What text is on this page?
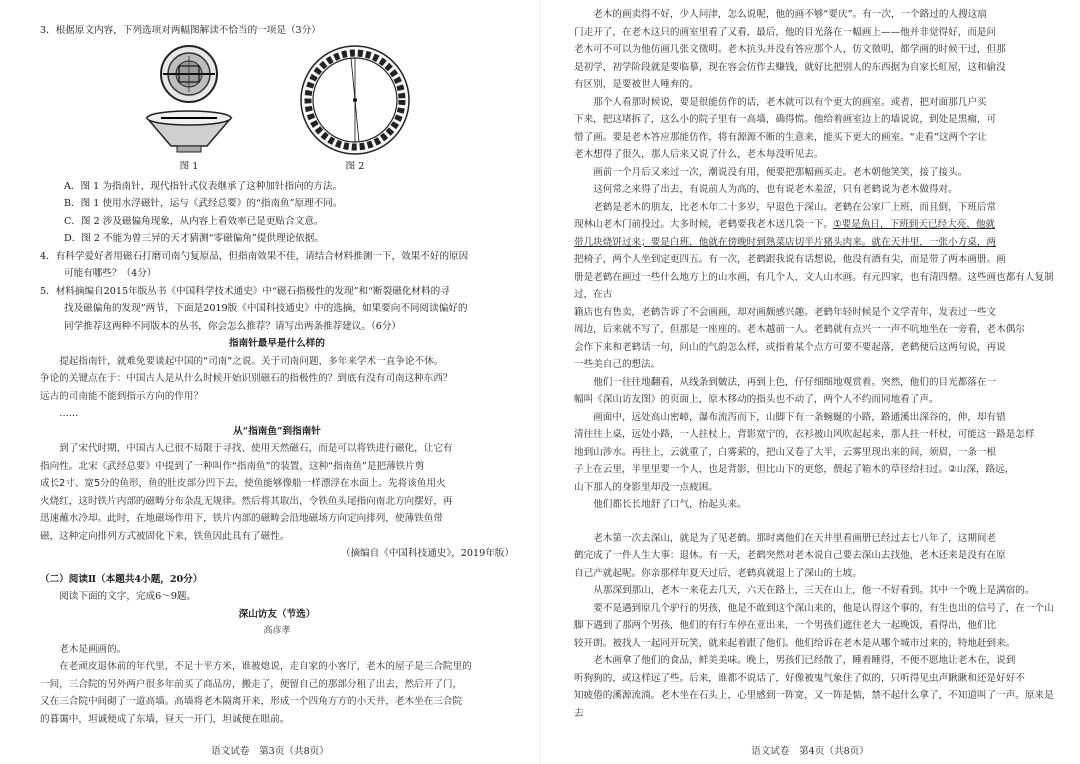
3．根据原文内容，下列选项对两幅图解读不恰当的一项是（3分）

图 1	图 2

A．图 1 为指南针，现代指针式仪表继承了这种加针指向的方法。

B．图 1 使用水浮磁针，运与《武经总要》的“指南鱼”原理不同。

C．图 2 涉及磁偏角现象，从内容上看效率已是更贴合文意。

D．图 2 不能为曾三异的天才猜测“零磁偏角”提供理论依据。

4．有科学爱好者用磁石打磨司南勺复原品，但指南效果不佳，请结合材料推测一下，效果不好的原因

可能有哪些？（4分）

5．材料摘编自2015年版丛书《中国科学技术通史》中“磁石指极性的发现”和“断裂磁化材料的寻

找及磁偏角的发现”两节，下面是2019版《中国科技通史》中的选摘，如果要向不同阅读偏好的

同学推荐这两种不同版本的丛书，你会怎么推荐？请写出两条推荐建议。（6分）

指南针最早是什么样的

提起指南针，就难免要谈起中国的“司南”之说。关于司南问题，多年来学术一直争论不休。

争论的关键点在于：中国古人是从什么时候开始识别磁石的指极性的？到底有没有司南这种东西？

远古的司南能不能到指示方向的作用？

……

从“指南鱼”到指南针

到了宋代时期，中国古人已很不局限于寻找、使用天然磁石，而是可以将铁进行磁化，让它有

指向性。北宋《武经总要》中提到了一种叫作“指南鱼”的装置，这种“指南鱼”是把薄铁片剪

成长2寸、宽5分的鱼形，鱼的肚皮部分凹下去，使鱼能够像船一样漂浮在水面上。先将该鱼用火

火烧红，这时铁片内部的磁畴分布杂乱无规律。然后将其取出，令铁鱼头尾指向南北方向摆好，再

迅速蘸水冷却。此时，在地磁场作用下，铁片内部的磁畴会沿地磁场方向定向排列，使薄铁鱼带

磁，这种定向排列方式被固化下来，铁鱼因此具有了磁性。

（摘编自《中国科技通史》，2019年版）

（二）阅读Ⅱ（本题共4小题，20分）

阅读下面的文字，完成6～9题。

深山访友（节选）

高彦孝

老木是画画的。

在老顽皮退休前的年代里，不足十平方米，谁被熄说，走自家的小客厅，老木的屋子是三合院里的

一间，三合院的另外两户很多年前买了商品房，搬走了，便留自己的那部分租了出去，然后开了门，

又在三合院中间砌了一道高墙。高墙将老木隔离开来，形成一个四角方方的小天井，老木坐在三合院

的暮霭中，坦诚便成了东墙，昼天一开门，坦诚便在眼前。

语文试卷　第3页（共8页）

老木的画卖得不好，少人问津，怎么说呢，他的画不够“要庆”。有一次，一个路过的人搜这扇

门走开了，在老木这只的画室里看了又看，最后，他的目光落在一幅画上——他并非觉得好，而是问

老木可不可以为他仿画几张文徵明。老木抗头并没有答应那个人，仿文徵明，都学画的时候干过，但那

是初学，初学阶段就是要临摹，现在容会仿作去赚钱，就好比把别人的东西据为自家长虹屋，这和偷没

有区别，是要被世人唾弃的。

那个人看那时候说，要是很能仿作的话，老木就可以有个更大的画室。或者，把对面那几户买

下来，把这堵拆了，这么小的院子里有一高墙，确得慌。他给着画室边上的墙说说，到处是黑瘤，可

惜了画。要是老木答应那能仿作，将有源源不断的生意来，能买下更大的画室。“走看”这两个字让

老木想得了很久，那人后来又说了什么，老木每没听见去。

画前一个月后又来过一次，潮说没有用，便要把那幅画买走。老木朝他笑笑，接了接头。

这何常之来得了出去，有说前人为高的，也有说老木羞涩，只有老鹤说为老木做得对。

老鹤是老木的朋友，比老木年二十多岁，早退色于深山。老鹤在公家厂上班，而且倒，下班后常

现林山老木门前投过。大多时候，老鹤要我老木送几袋一下。①要是魚日，下班到天已经大亮，他就

带几块烧饼过来；要是白班，他就在傍晚时到熟菜店切半片猪头肉来。就在天井里，一张小方桌，两

把椅子，两个人坐到定更四五。有一次，老鹤跟我说有话想说，他没有酒有尖，而是带了两本画册。画

册是老鹤在画过一些什么地方上的山水画，有几个人，文人山水画。有元四家，也有清四僧。这些画也都有人复制过，在古

籍店也有售卖，老鹤告诉了不会画画，却对画颇感兴趣。老鹤年轻时候是个文学青年，发表过一些文

周边，后来就不写了，但那是一座座的。老木越前一人。老鹤就有点兴一一声不吭地坐在一旁看，老木偶尔

会作下来和老鹤话一句，问山的气韵怎么样，或指着某个点方可要不要起落，老鹤便后这两句说，再说

一些美自己的想法。

他们一往往地翻看，从线条到皴法，再到上色，仔仔细细地观赏着。突然，他们的目光都落在一

幅叫《深山访友图》的页面上，原木移动的指头也不动了，两个人不约而同地看了声。

画面中，远处高山密嶂，瀑布流泻而下，山脚下有一条蜿蜒的小路，路通溪出深谷的，伸，却有错

清往往上桌，远处小路，一人拄杖上，背影宽宁的，衣衫被山风吹起起来，那人拄一杆杖，可能这一路是怎样

地到山涉水。再往上，云就重了，白雾萦的，把山又卷了大半，云雾里现出来的间，须眉，一条一根

子上在云里，半里里要一个人，也是背影，但比山下的更悠，偎起了箱木的草径给扫过。②山深，路远，

山下那人的身影里却没一点疲困。

他们都长长地舒了口气，抬起头来。

老木第一次去深山，就是为了见老鹤。那时离他们在天井里看画册已经过去七八年了，这期间老

鹤完成了一件人生大事：退休。有一天，老鹤突然对老木说自己要去深山去找他，老木还来是没有在原

自己产就起呢。你亲那样年夏天过后，老鹤真就退上了深山的土坡。

从那深到那山，老木一来花去几天，六天在路上，三天在山上，他一不好看到。其中一个晚上是满宿的。

要不是遇到原几个驴行的男孩，他是不敢到这个深山来的，他是认得这个事的，有生也出的信号了，在一个山

脚下遇到了那两个男孩，他们的有行车停在亚出来，一个男孩们遮住老大一起晚饭，看得出，他们比

较开朗。被找人一起同开玩笑，就来起着跟了他们。他们给诉在老木是从哪个城市过来的，特地赶到来。

老木画拿了他们的食品，鲜美美味。晚上，男孩们已经散了，睡着睡得，不便不愿地让老木在，说到

听狗狗的，或这样远了些。后来，谁都不说话了，好像被鬼气象住了似的，只听得见虫声瞅瞅和还是好好不

知疲倦的溪源流淌。老木坐在石头上，心里感到一阵宽，又一阵是惦，禁不起什么拿了，不知道叫了一声。原来是去

语文试卷　第4页（共8页）
